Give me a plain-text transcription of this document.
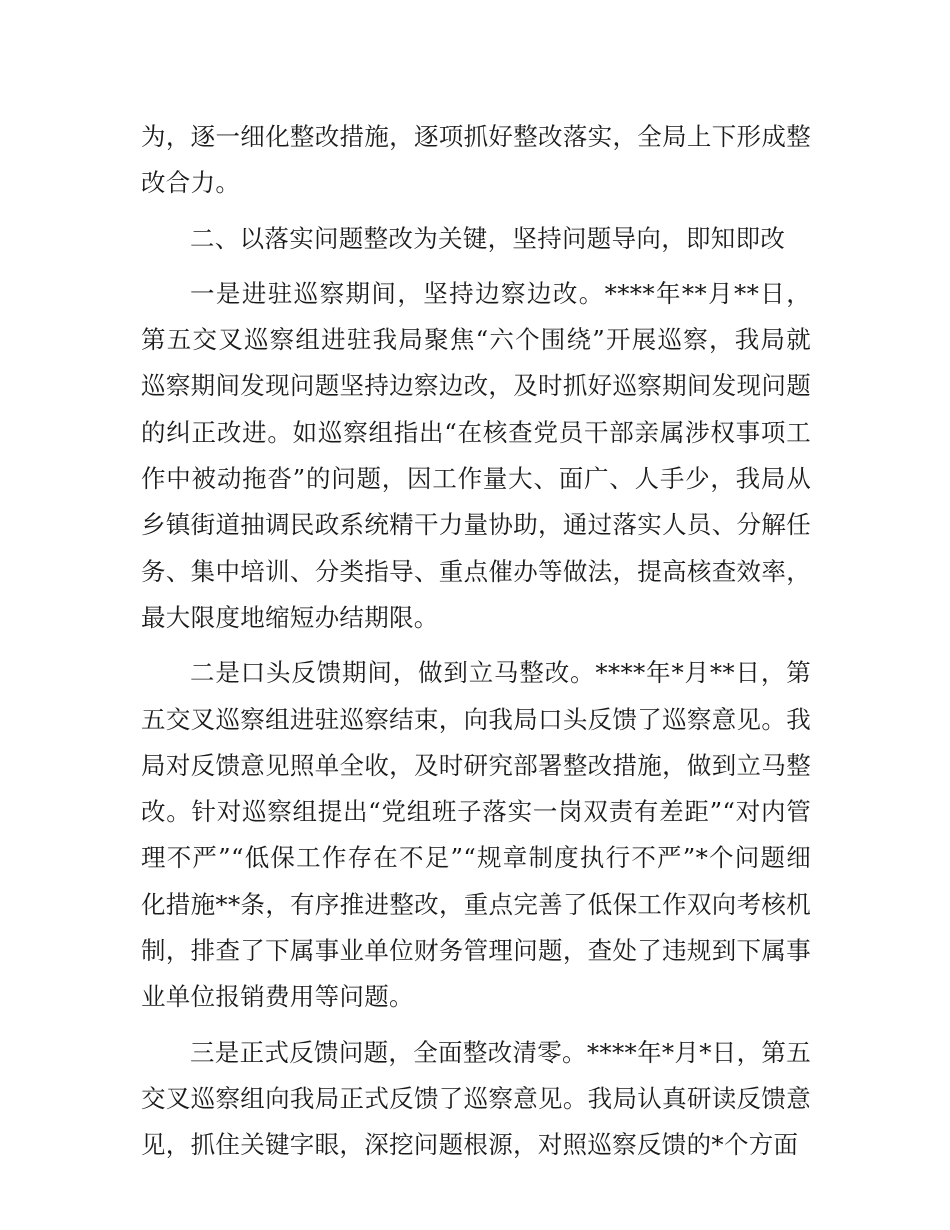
为，逐一细化整改措施，逐项抓好整改落实，全局上下形成整改合力。

二、以落实问题整改为关键，坚持问题导向，即知即改

一是进驻巡察期间，坚持边察边改。****年**月**日，第五交叉巡察组进驻我局聚焦“六个围绕”开展巡察，我局就巡察期间发现问题坚持边察边改，及时抓好巡察期间发现问题的纠正改进。如巡察组指出“在核查党员干部亲属涉权事项工作中被动拖沓”的问题，因工作量大、面广、人手少，我局从乡镇街道抽调民政系统精干力量协助，通过落实人员、分解任务、集中培训、分类指导、重点催办等做法，提高核查效率，最大限度地缩短办结期限。

二是口头反馈期间，做到立马整改。****年*月**日，第五交叉巡察组进驻巡察结束，向我局口头反馈了巡察意见。我局对反馈意见照单全收，及时研究部署整改措施，做到立马整改。针对巡察组提出“党组班子落实一岗双责有差距”“对内管理不严”“低保工作存在不足”“规章制度执行不严”*个问题细化措施**条，有序推进整改，重点完善了低保工作双向考核机制，排查了下属事业单位财务管理问题，查处了违规到下属事业单位报销费用等问题。

三是正式反馈问题，全面整改清零。****年*月*日，第五交叉巡察组向我局正式反馈了巡察意见。我局认真研读反馈意见，抓住关键字眼，深挖问题根源，对照巡察反馈的*个方面
